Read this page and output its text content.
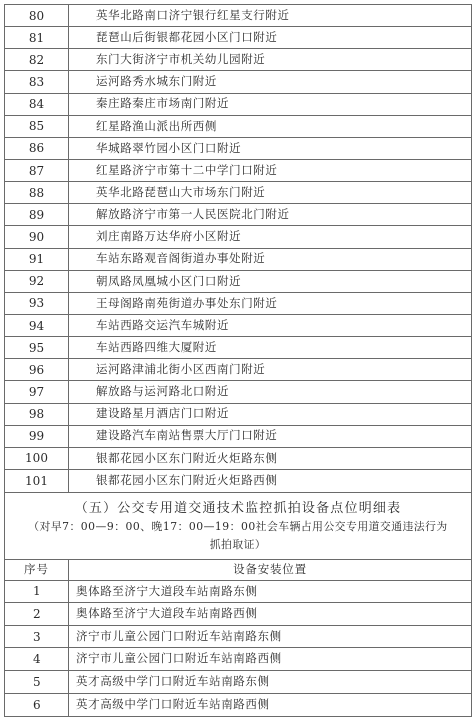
80	英华北路南口济宁银行红星支行附近
81	琵琶山后街银都花园小区门口附近
82	东门大街济宁市机关幼儿园附近
83	运河路秀水城东门附近
84	秦庄路秦庄市场南门附近
85	红星路渔山派出所西侧
86	华城路翠竹园小区门口附近
87	红星路济宁市第十二中学门口附近
88	英华北路琵琶山大市场东门附近
89	解放路济宁市第一人民医院北门附近
90	刘庄南路万达华府小区附近
91	车站东路观音阁街道办事处附近
92	朝凤路凤凰城小区门口附近
93	王母阁路南苑街道办事处东门附近
94	车站西路交运汽车城附近
95	车站西路四维大厦附近
96	运河路津浦北街小区西南门附近
97	解放路与运河路北口附近
98	建设路星月酒店门口附近
99	建设路汽车南站售票大厅门口附近
100	银都花园小区东门附近火炬路东侧
101	银都花园小区东门附近火炬路西侧
（五）公交专用道交通技术监控抓拍设备点位明细表
（对早7：00—9：00、晚17：00—19：00社会车辆占用公交专用道交通违法行为抓拍取证）
序号	设备安装位置
1	奥体路至济宁大道段车站南路东侧
2	奥体路至济宁大道段车站南路西侧
3	济宁市儿童公园门口附近车站南路东侧
4	济宁市儿童公园门口附近车站南路西侧
5	英才高级中学门口附近车站南路东侧
6	英才高级中学门口附近车站南路西侧
